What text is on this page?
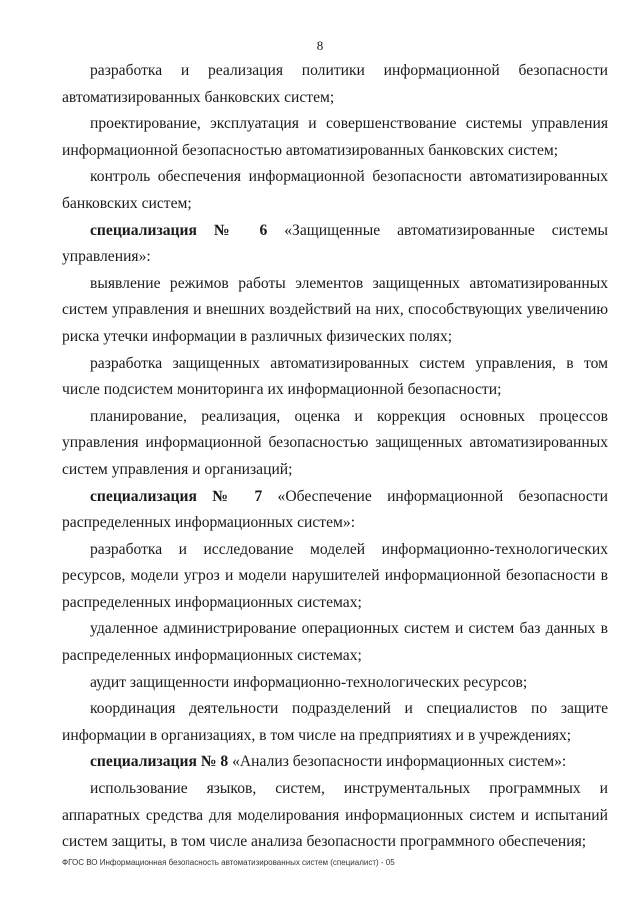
8

разработка и реализация политики информационной безопасности автоматизированных банковских систем;

проектирование, эксплуатация и совершенствование системы управления информационной безопасностью автоматизированных банковских систем;

контроль обеспечения информационной безопасности автоматизированных банковских систем;

специализация № 6 «Защищенные автоматизированные системы управления»:

выявление режимов работы элементов защищенных автоматизированных систем управления и внешних воздействий на них, способствующих увеличению риска утечки информации в различных физических полях;

разработка защищенных автоматизированных систем управления, в том числе подсистем мониторинга их информационной безопасности;

планирование, реализация, оценка и коррекция основных процессов управления информационной безопасностью защищенных автоматизированных систем управления и организаций;

специализация № 7 «Обеспечение информационной безопасности распределенных информационных систем»:

разработка и исследование моделей информационно-технологических ресурсов, модели угроз и модели нарушителей информационной безопасности в распределенных информационных системах;

удаленное администрирование операционных систем и систем баз данных в распределенных информационных системах;

аудит защищенности информационно-технологических ресурсов;

координация деятельности подразделений и специалистов по защите информации в организациях, в том числе на предприятиях и в учреждениях;

специализация № 8 «Анализ безопасности информационных систем»:

использование языков, систем, инструментальных программных и аппаратных средства для моделирования информационных систем и испытаний систем защиты, в том числе анализа безопасности программного обеспечения;

ФГОС ВО Информационная безопасность автоматизированных систем (специалист) - 05
